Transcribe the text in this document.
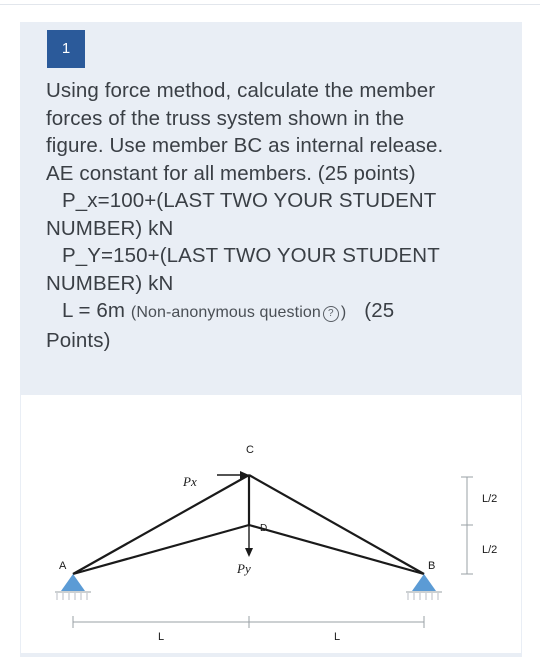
1
Using force method, calculate the member
forces of the truss system shown in the
figure. Use member BC as internal release.
AE constant for all members. (25 points)
P_x=100+(LAST TWO YOUR STUDENT
NUMBER) kN
P_Y=150+(LAST TWO YOUR STUDENT
NUMBER) kN
L = 6m (Non-anonymous question ? ) (25
Points)
C
D
A	B
Px
Py
L	L
L/2
L/2
